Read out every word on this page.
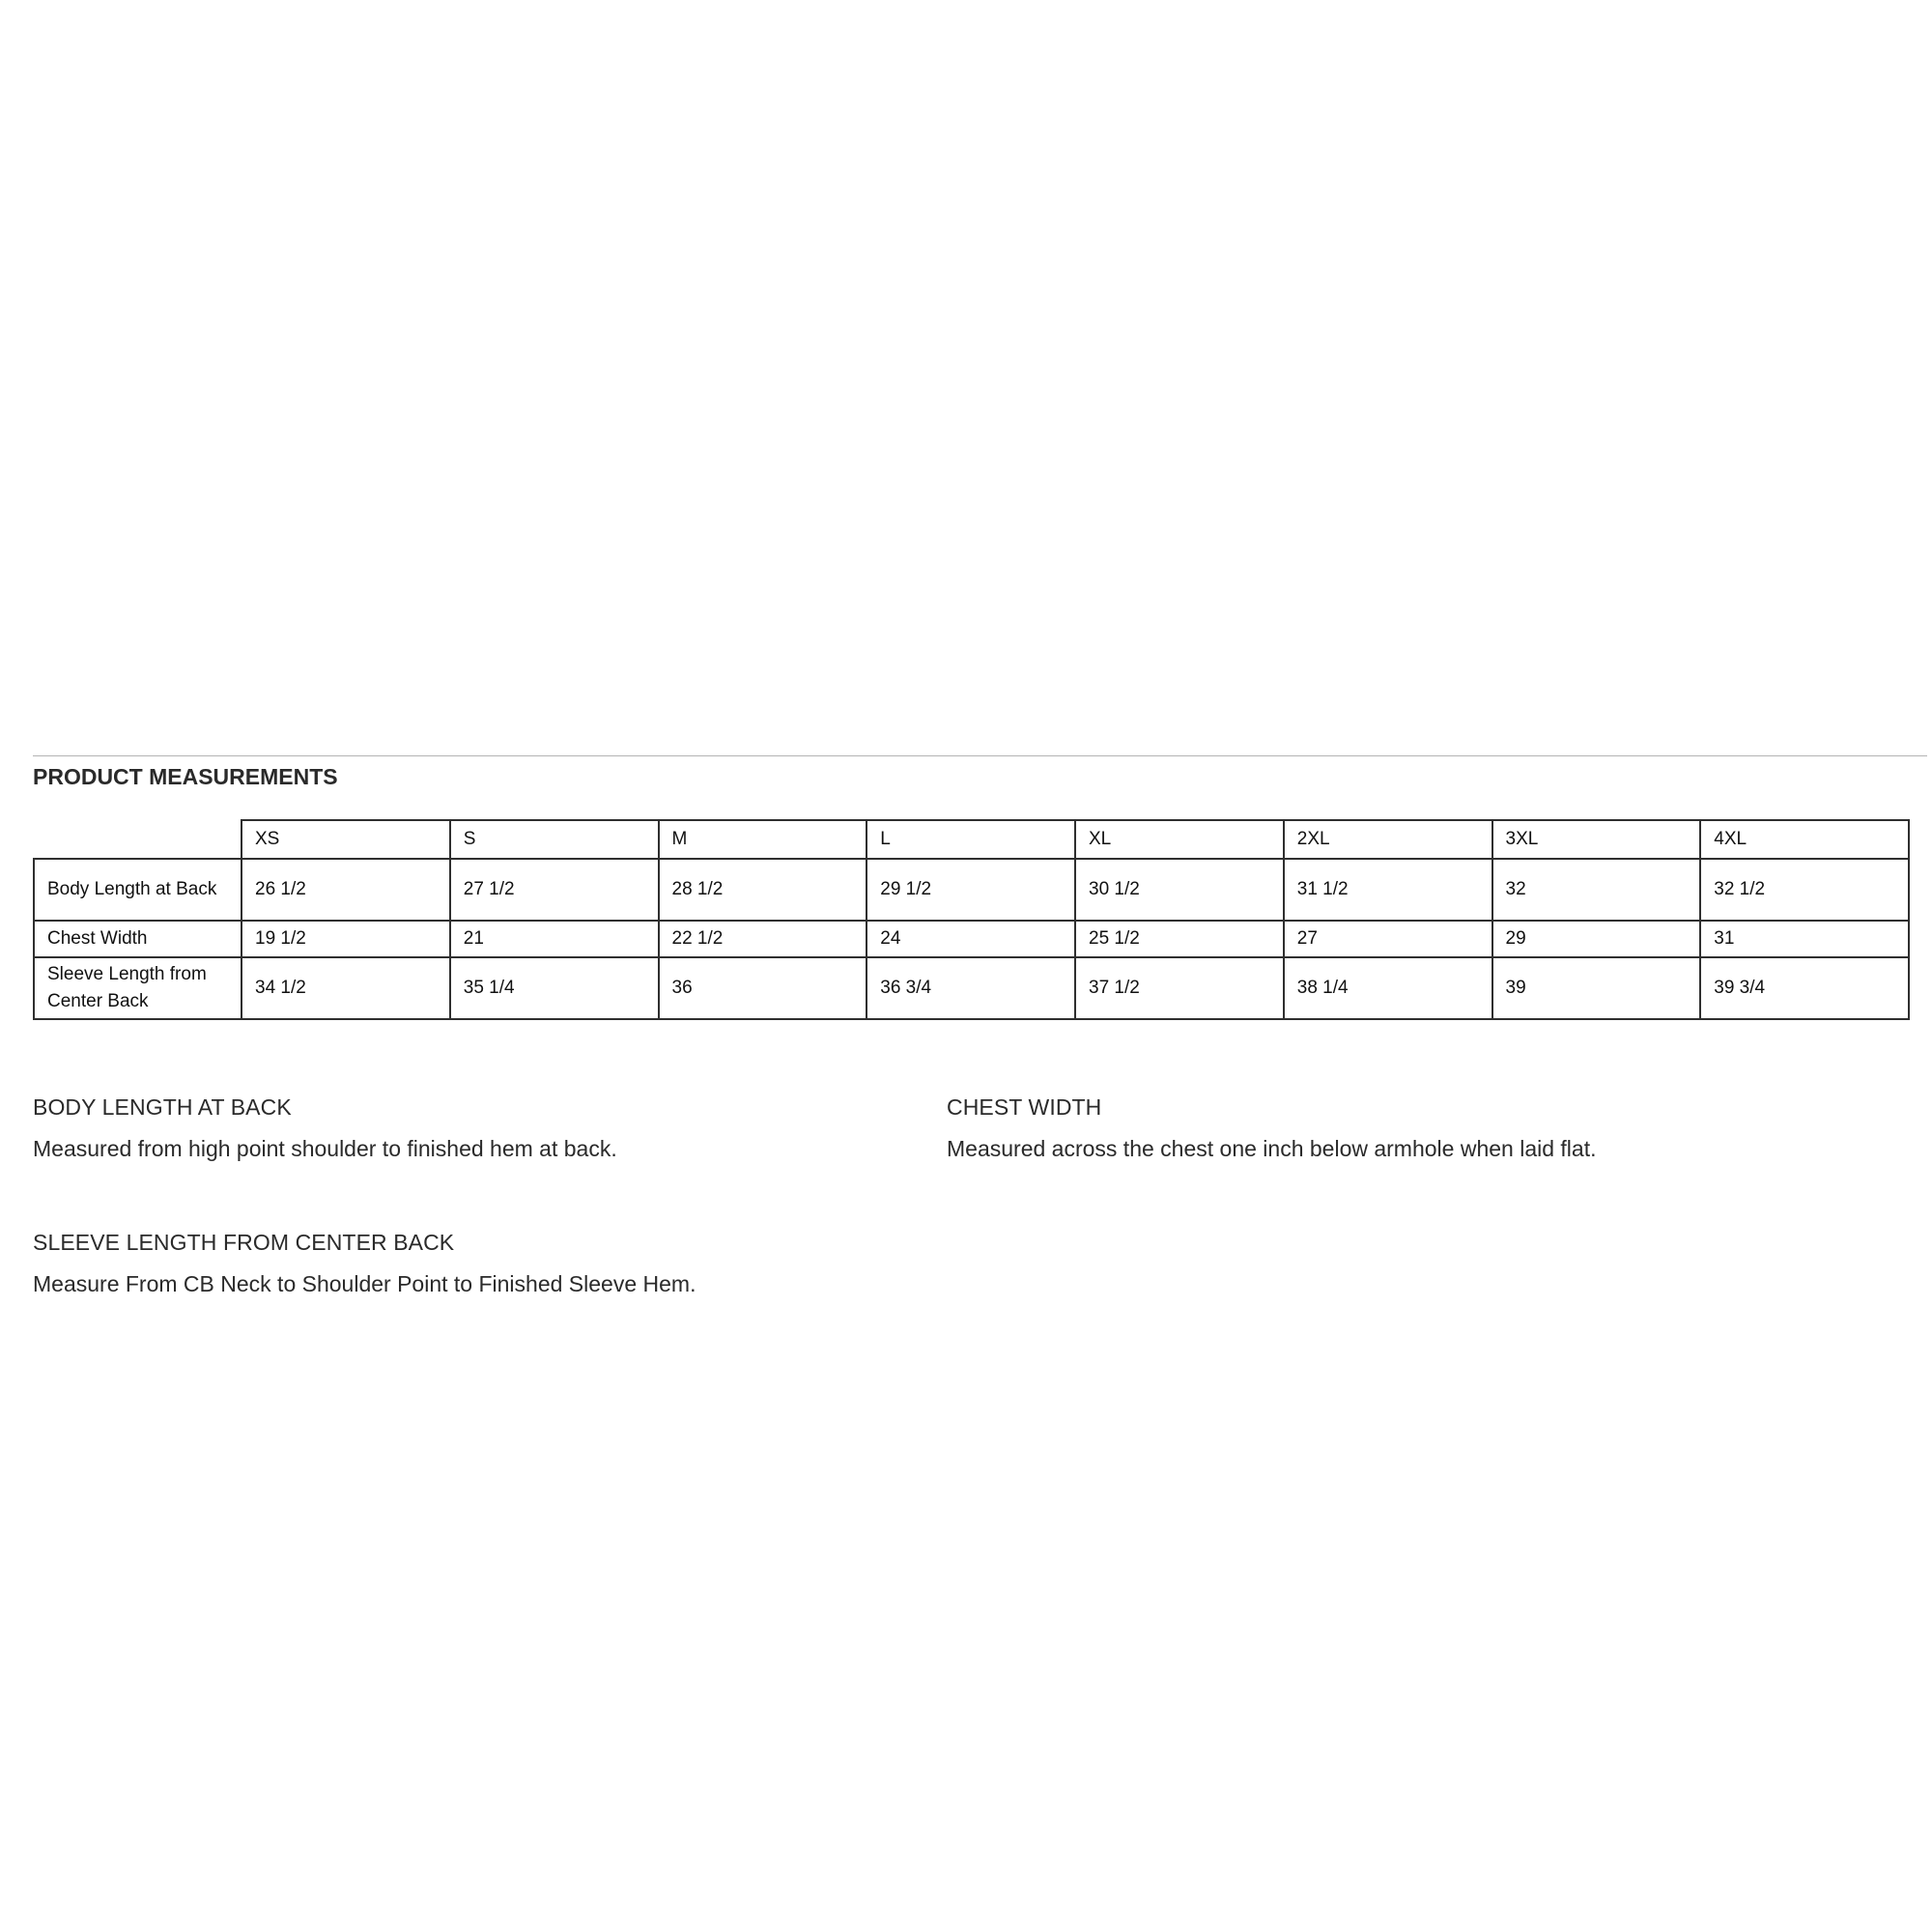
PRODUCT MEASUREMENTS
	XS	S	M	L	XL	2XL	3XL	4XL
Body Length at Back	26 1/2	27 1/2	28 1/2	29 1/2	30 1/2	31 1/2	32	32 1/2
Chest Width	19 1/2	21	22 1/2	24	25 1/2	27	29	31
Sleeve Length from Center Back	34 1/2	35 1/4	36	36 3/4	37 1/2	38 1/4	39	39 3/4
BODY LENGTH AT BACK
Measured from high point shoulder to finished hem at back.
CHEST WIDTH
Measured across the chest one inch below armhole when laid flat.
SLEEVE LENGTH FROM CENTER BACK
Measure From CB Neck to Shoulder Point to Finished Sleeve Hem.
